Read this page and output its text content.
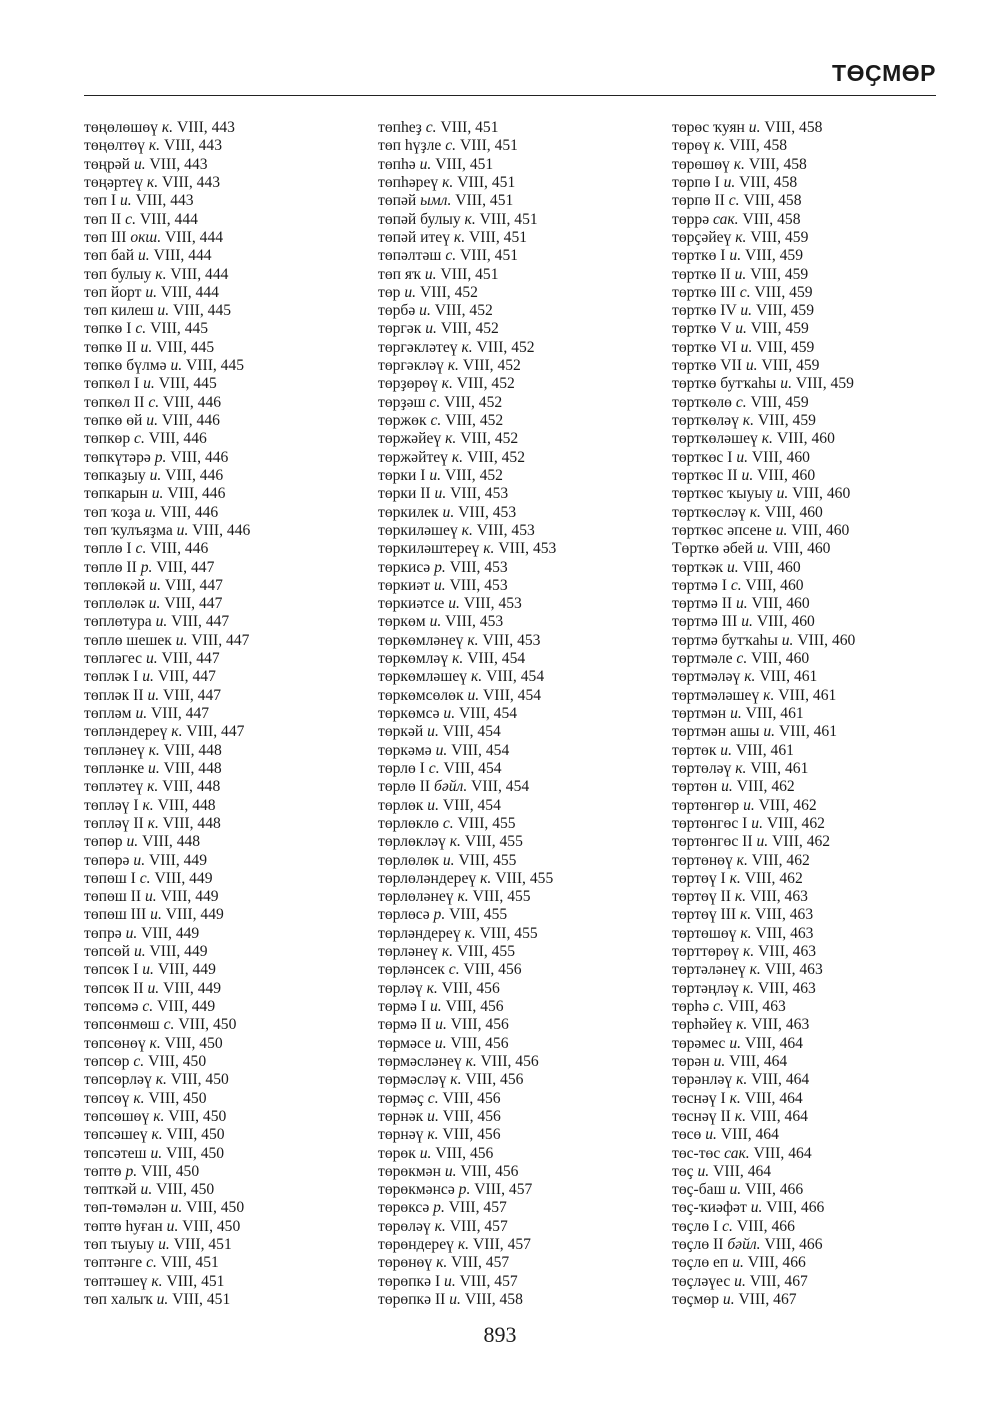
ТӨҪМӨР
төңөлөшөү к. VIII, 443
төңөлтөү к. VIII, 443
төңрәй и. VIII, 443
төңәртеү к. VIII, 443
төп I и. VIII, 443
төп II с. VIII, 444
төп III окш. VIII, 444
төп бай и. VIII, 444
төп булыу к. VIII, 444
төп йорт и. VIII, 444
төп килеш и. VIII, 445
төпкө I с. VIII, 445
төпкө II и. VIII, 445
төпкө бүлмә и. VIII, 445
төпкөл I и. VIII, 445
төпкөл II с. VIII, 446
төпкө өй и. VIII, 446
төпкөр с. VIII, 446
төпкүтәрә р. VIII, 446
төпкаҙыу и. VIII, 446
төпкарын и. VIII, 446
төп ҡоҙа и. VIII, 446
төп ҡулъяҙма и. VIII, 446
төплө I с. VIII, 446
төплө II р. VIII, 447
төплөкәй и. VIII, 447
төплөләк и. VIII, 447
төплөтура и. VIII, 447
төплө шешек и. VIII, 447
төпләгес и. VIII, 447
төпләк I и. VIII, 447
төпләк II и. VIII, 447
төпләм и. VIII, 447
төпләндереү к. VIII, 447
төпләнеү к. VIII, 448
төпләнке и. VIII, 448
төпләтеү к. VIII, 448
төпләү I к. VIII, 448
төпләү II к. VIII, 448
төпөр и. VIII, 448
төпөрә и. VIII, 449
төпөш I с. VIII, 449
төпөш II и. VIII, 449
төпөш III и. VIII, 449
төпрә и. VIII, 449
төпсөй и. VIII, 449
төпсөк I и. VIII, 449
төпсөк II и. VIII, 449
төпсөмә с. VIII, 449
төпсөнмөш с. VIII, 450
төпсөнөү к. VIII, 450
төпсөр с. VIII, 450
төпсөрләү к. VIII, 450
төпсөү к. VIII, 450
төпсөшөү к. VIII, 450
төпсәшеү к. VIII, 450
төпсәтеш и. VIII, 450
төптө р. VIII, 450
төпткәй и. VIII, 450
төп-төмәлән и. VIII, 450
төптө һуған и. VIII, 450
төп тыуыу и. VIII, 451
төптәнге с. VIII, 451
төптәшеү к. VIII, 451
төп халыҡ и. VIII, 451
төпһеҙ с. VIII, 451
төп һүҙле с. VIII, 451
төпһә и. VIII, 451
төпһәреү к. VIII, 451
төпәй ымл. VIII, 451
төпәй булыу к. VIII, 451
төпәй итеү к. VIII, 451
төпәлтәш с. VIII, 451
төп яҡ и. VIII, 451
төр и. VIII, 452
төрбә и. VIII, 452
төргәк и. VIII, 452
төргәкләтеү к. VIII, 452
төргәкләү к. VIII, 452
төрҙөрөү к. VIII, 452
төрҙәш с. VIII, 452
төржөк с. VIII, 452
төржәйеү к. VIII, 452
төржәйтеү к. VIII, 452
төрки I и. VIII, 452
төрки II и. VIII, 453
төркилек и. VIII, 453
төркиләшеү к. VIII, 453
төркиләштереү к. VIII, 453
төркисә р. VIII, 453
төркиәт и. VIII, 453
төркиәтсе и. VIII, 453
төркөм и. VIII, 453
төркөмләнеү к. VIII, 453
төркөмләү к. VIII, 454
төркөмләшеү к. VIII, 454
төркөмсөлөк и. VIII, 454
төркөмсә и. VIII, 454
төркәй и. VIII, 454
төркәмә и. VIII, 454
төрлө I с. VIII, 454
төрлө II бәйл. VIII, 454
төрлөк и. VIII, 454
төрлөклө с. VIII, 455
төрлөкләү к. VIII, 455
төрлөлөк и. VIII, 455
төрлөләндереү к. VIII, 455
төрлөләнеү к. VIII, 455
төрлөсә р. VIII, 455
төрләндереү к. VIII, 455
төрләнеү к. VIII, 455
төрләнсек с. VIII, 456
төрләү к. VIII, 456
төрмә I и. VIII, 456
төрмә II и. VIII, 456
төрмәсе и. VIII, 456
төрмәсләнеү к. VIII, 456
төрмәсләү к. VIII, 456
төрмәҫ с. VIII, 456
төрнәк и. VIII, 456
төрнәү к. VIII, 456
төрөк и. VIII, 456
төрөкмән и. VIII, 456
төрөкмәнсә р. VIII, 457
төрөксә р. VIII, 457
төрөләү к. VIII, 457
төрөндереү к. VIII, 457
төрөнөү к. VIII, 457
төрөпкә I и. VIII, 457
төрөпкә II и. VIII, 458
төрөс ҡуян и. VIII, 458
төрөү к. VIII, 458
төрөшөү к. VIII, 458
төрпө I и. VIII, 458
төрпө II с. VIII, 458
төррә сак. VIII, 458
төрҫәйеү к. VIII, 459
төрткө I и. VIII, 459
төрткө II и. VIII, 459
төрткө III с. VIII, 459
төрткө IV и. VIII, 459
төрткө V и. VIII, 459
төрткө VI и. VIII, 459
төрткө VII и. VIII, 459
төрткө бутҡаһы и. VIII, 459
төрткөлө с. VIII, 459
төрткөләү к. VIII, 459
төрткөләшеү к. VIII, 460
төрткөс I и. VIII, 460
төрткөс II и. VIII, 460
төрткөс ҡыуыу и. VIII, 460
төрткөсләү к. VIII, 460
төрткөс әпсене и. VIII, 460
Төрткө әбей и. VIII, 460
төрткәк и. VIII, 460
төртмә I с. VIII, 460
төртмә II и. VIII, 460
төртмә III и. VIII, 460
төртмә бутҡаһы и. VIII, 460
төртмәле с. VIII, 460
төртмәләү к. VIII, 461
төртмәләшеү к. VIII, 461
төртмән и. VIII, 461
төртмән ашы и. VIII, 461
төртөк и. VIII, 461
төртөләү к. VIII, 461
төртөн и. VIII, 462
төртөнгөр и. VIII, 462
төртөнгөс I и. VIII, 462
төртөнгөс II и. VIII, 462
төртөнөү к. VIII, 462
төртөү I к. VIII, 462
төртөү II к. VIII, 463
төртөү III к. VIII, 463
төртөшөү к. VIII, 463
төрттөрөү к. VIII, 463
төртәләнеү к. VIII, 463
төртәңләү к. VIII, 463
төрһә с. VIII, 463
төрһәйеү к. VIII, 463
төрәмес и. VIII, 464
төрән и. VIII, 464
төрәнләү к. VIII, 464
төснәү I к. VIII, 464
төснәү II к. VIII, 464
төсө и. VIII, 464
төс-төс сак. VIII, 464
төҫ и. VIII, 464
төҫ-баш и. VIII, 466
төҫ-ҡиәфәт и. VIII, 466
төҫлө I с. VIII, 466
төҫлө II бәйл. VIII, 466
төҫлө еп и. VIII, 466
төҫләүес и. VIII, 467
төҫмөр и. VIII, 467
893
